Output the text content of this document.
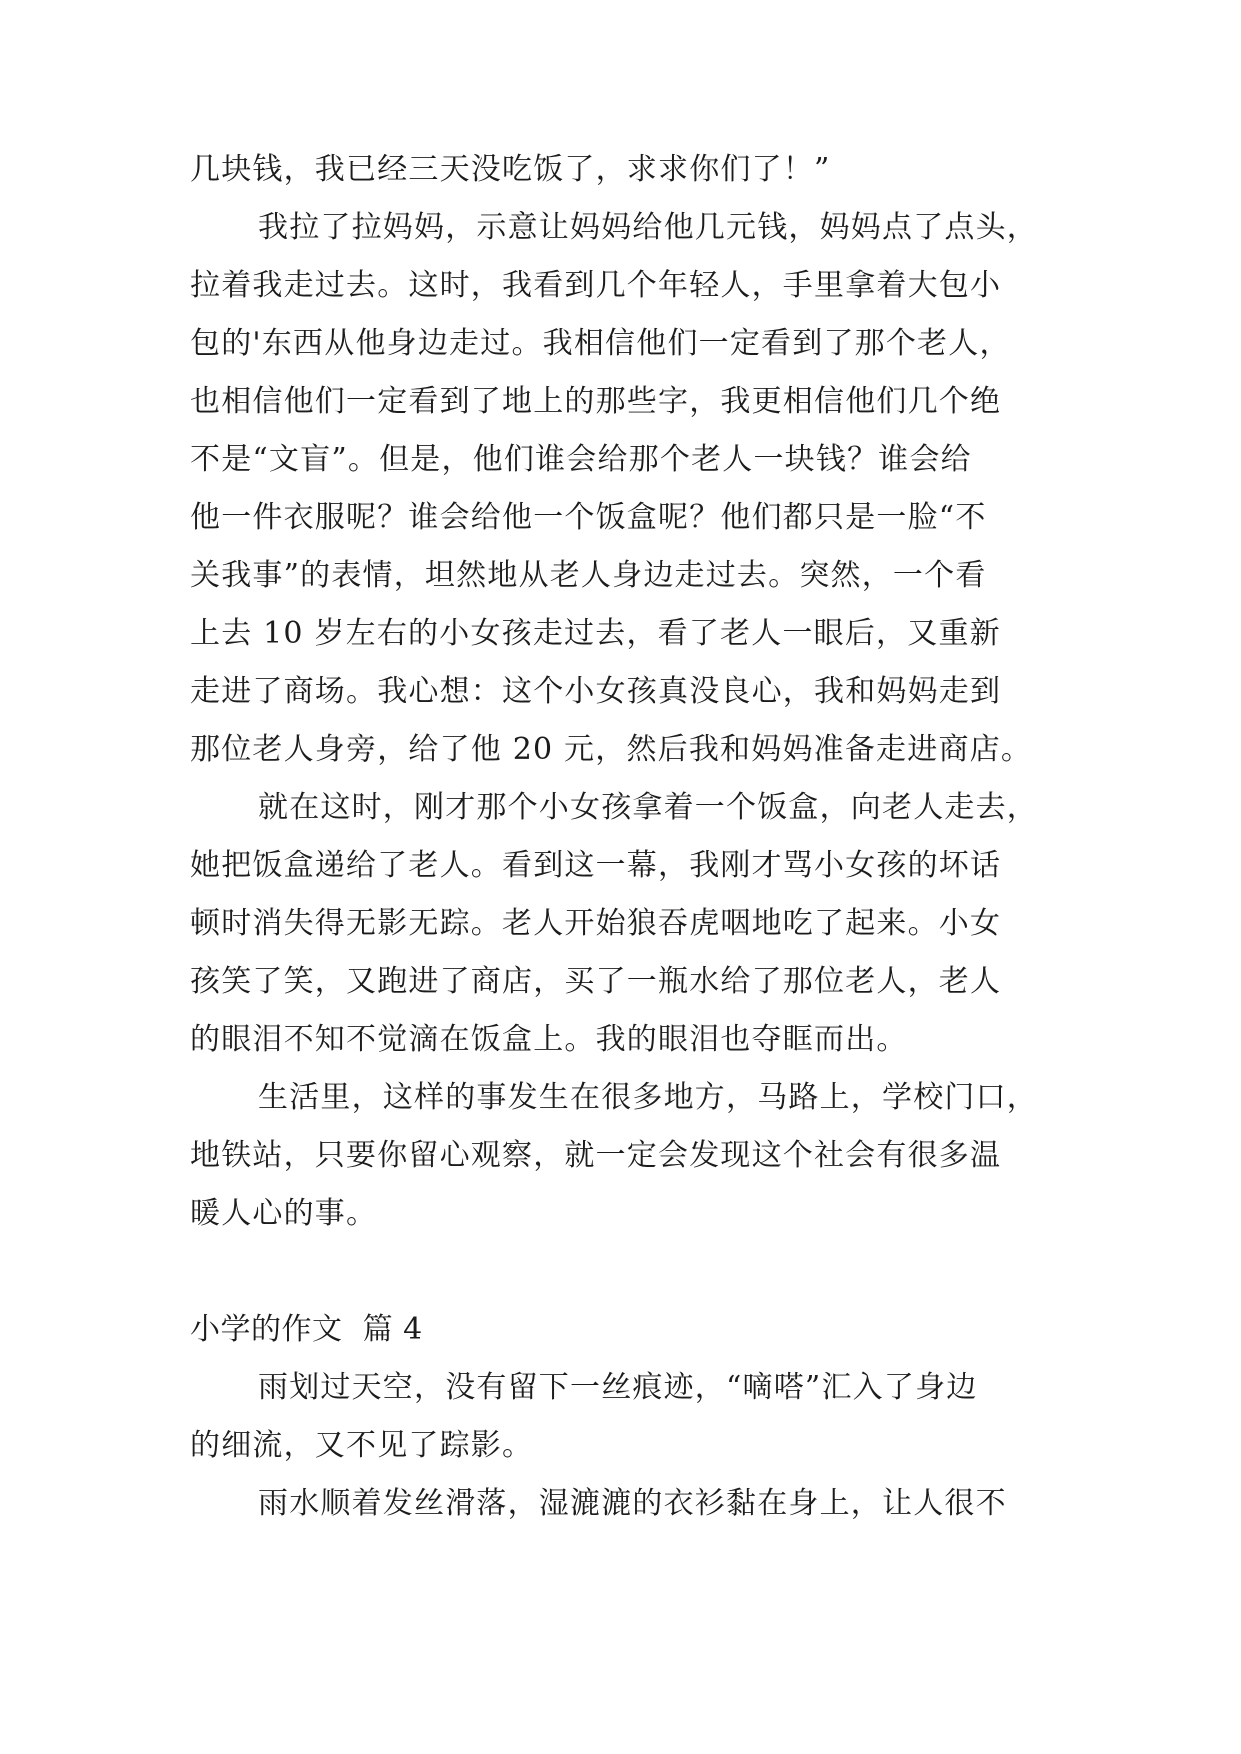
几块钱，我已经三天没吃饭了，求求你们了！”
我拉了拉妈妈，示意让妈妈给他几元钱，妈妈点了点头，
拉着我走过去。这时，我看到几个年轻人，手里拿着大包小
包的'东西从他身边走过。我相信他们一定看到了那个老人，
也相信他们一定看到了地上的那些字，我更相信他们几个绝
不是“文盲”。但是，他们谁会给那个老人一块钱？谁会给
他一件衣服呢？谁会给他一个饭盒呢？他们都只是一脸“不
关我事”的表情，坦然地从老人身边走过去。突然，一个看
上去 10 岁左右的小女孩走过去，看了老人一眼后，又重新
走进了商场。我心想：这个小女孩真没良心，我和妈妈走到
那位老人身旁，给了他 20 元，然后我和妈妈准备走进商店。
就在这时，刚才那个小女孩拿着一个饭盒，向老人走去，
她把饭盒递给了老人。看到这一幕，我刚才骂小女孩的坏话
顿时消失得无影无踪。老人开始狼吞虎咽地吃了起来。小女
孩笑了笑，又跑进了商店，买了一瓶水给了那位老人，老人
的眼泪不知不觉滴在饭盒上。我的眼泪也夺眶而出。
生活里，这样的事发生在很多地方，马路上，学校门口，
地铁站，只要你留心观察，就一定会发现这个社会有很多温
暖人心的事。
小学的作文  篇 4
雨划过天空，没有留下一丝痕迹，“嘀嗒”汇入了身边
的细流，又不见了踪影。
雨水顺着发丝滑落，湿漉漉的衣衫黏在身上，让人很不
